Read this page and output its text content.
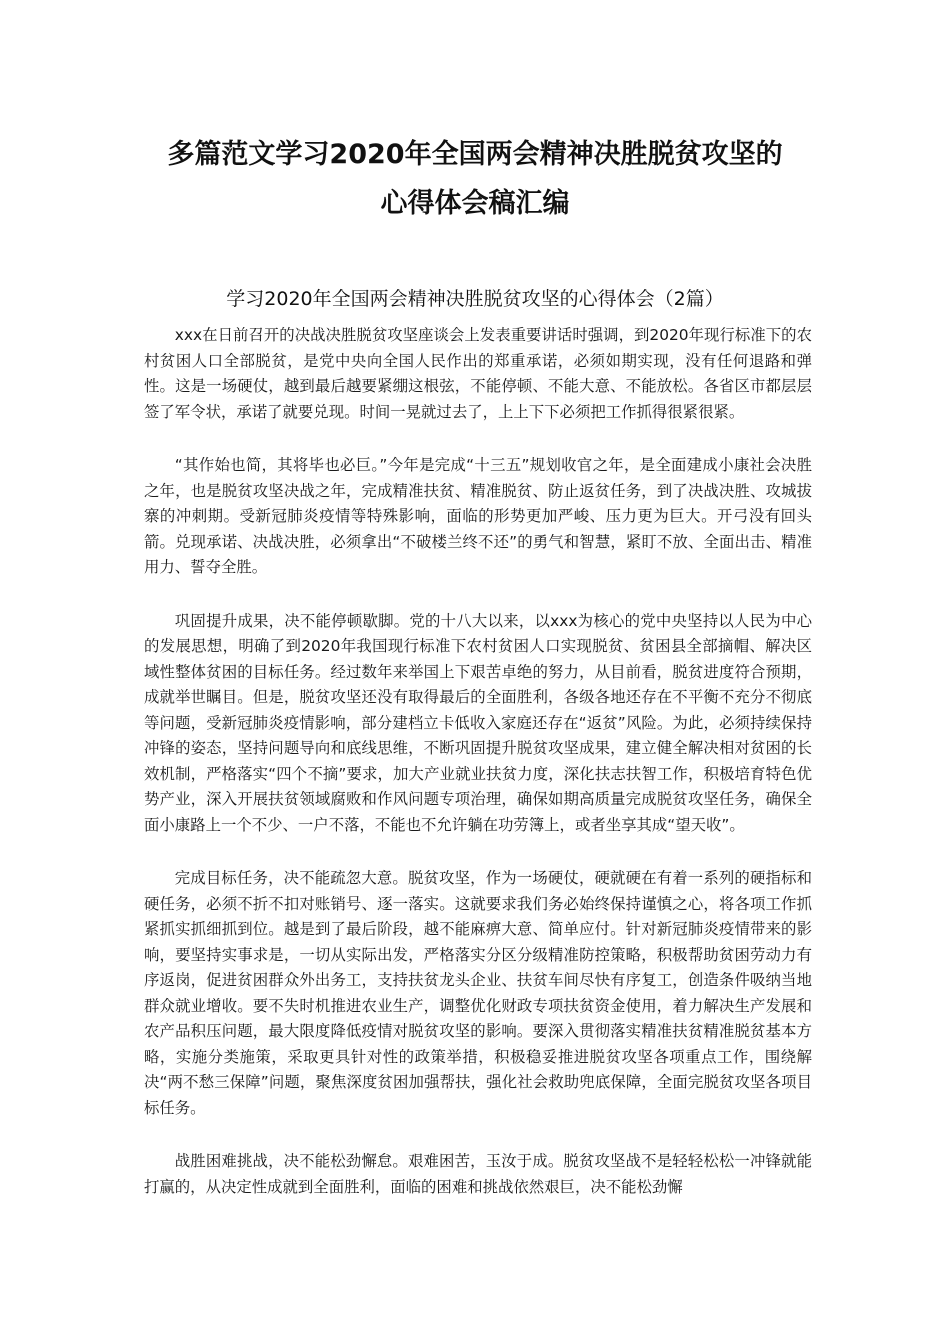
多篇范文学习2020年全国两会精神决胜脱贫攻坚的
心得体会稿汇编
学习2020年全国两会精神决胜脱贫攻坚的心得体会（2篇）

xxx在日前召开的决战决胜脱贫攻坚座谈会上发表重要讲话时强调，到2020年现行标准下的农村贫困人口全部脱贫，是党中央向全国人民作出的郑重承诺，必须如期实现，没有任何退路和弹性。这是一场硬仗，越到最后越要紧绷这根弦，不能停顿、不能大意、不能放松。各省区市都层层签了军令状，承诺了就要兑现。时间一晃就过去了，上上下下必须把工作抓得很紧很紧。

“其作始也简，其将毕也必巨。”今年是完成“十三五”规划收官之年，是全面建成小康社会决胜之年，也是脱贫攻坚决战之年，完成精准扶贫、精准脱贫、防止返贫任务，到了决战决胜、攻城拔寨的冲刺期。受新冠肺炎疫情等特殊影响，面临的形势更加严峻、压力更为巨大。开弓没有回头箭。兑现承诺、决战决胜，必须拿出“不破楼兰终不还”的勇气和智慧，紧盯不放、全面出击、精准用力、誓夺全胜。

巩固提升成果，决不能停顿歇脚。党的十八大以来，以xxx为核心的党中央坚持以人民为中心的发展思想，明确了到2020年我国现行标准下农村贫困人口实现脱贫、贫困县全部摘帽、解决区域性整体贫困的目标任务。经过数年来举国上下艰苦卓绝的努力，从目前看，脱贫进度符合预期，成就举世瞩目。但是，脱贫攻坚还没有取得最后的全面胜利，各级各地还存在不平衡不充分不彻底等问题，受新冠肺炎疫情影响，部分建档立卡低收入家庭还存在“返贫”风险。为此，必须持续保持冲锋的姿态，坚持问题导向和底线思维，不断巩固提升脱贫攻坚成果，建立健全解决相对贫困的长效机制，严格落实“四个不摘”要求，加大产业就业扶贫力度，深化扶志扶智工作，积极培育特色优势产业，深入开展扶贫领域腐败和作风问题专项治理，确保如期高质量完成脱贫攻坚任务，确保全面小康路上一个不少、一户不落，不能也不允许躺在功劳簿上，或者坐享其成“望天收”。

完成目标任务，决不能疏忽大意。脱贫攻坚，作为一场硬仗，硬就硬在有着一系列的硬指标和硬任务，必须不折不扣对账销号、逐一落实。这就要求我们务必始终保持谨慎之心，将各项工作抓紧抓实抓细抓到位。越是到了最后阶段，越不能麻痹大意、简单应付。针对新冠肺炎疫情带来的影响，要坚持实事求是，一切从实际出发，严格落实分区分级精准防控策略，积极帮助贫困劳动力有序返岗，促进贫困群众外出务工，支持扶贫龙头企业、扶贫车间尽快有序复工，创造条件吸纳当地群众就业增收。要不失时机推进农业生产，调整优化财政专项扶贫资金使用，着力解决生产发展和农产品积压问题，最大限度降低疫情对脱贫攻坚的影响。要深入贯彻落实精准扶贫精准脱贫基本方略，实施分类施策，采取更具针对性的政策举措，积极稳妥推进脱贫攻坚各项重点工作，围绕解决“两不愁三保障”问题，聚焦深度贫困加强帮扶，强化社会救助兜底保障，全面完脱贫攻坚各项目标任务。

战胜困难挑战，决不能松劲懈怠。艰难困苦，玉汝于成。脱贫攻坚战不是轻轻松松一冲锋就能打赢的，从决定性成就到全面胜利，面临的困难和挑战依然艰巨，决不能松劲懈
